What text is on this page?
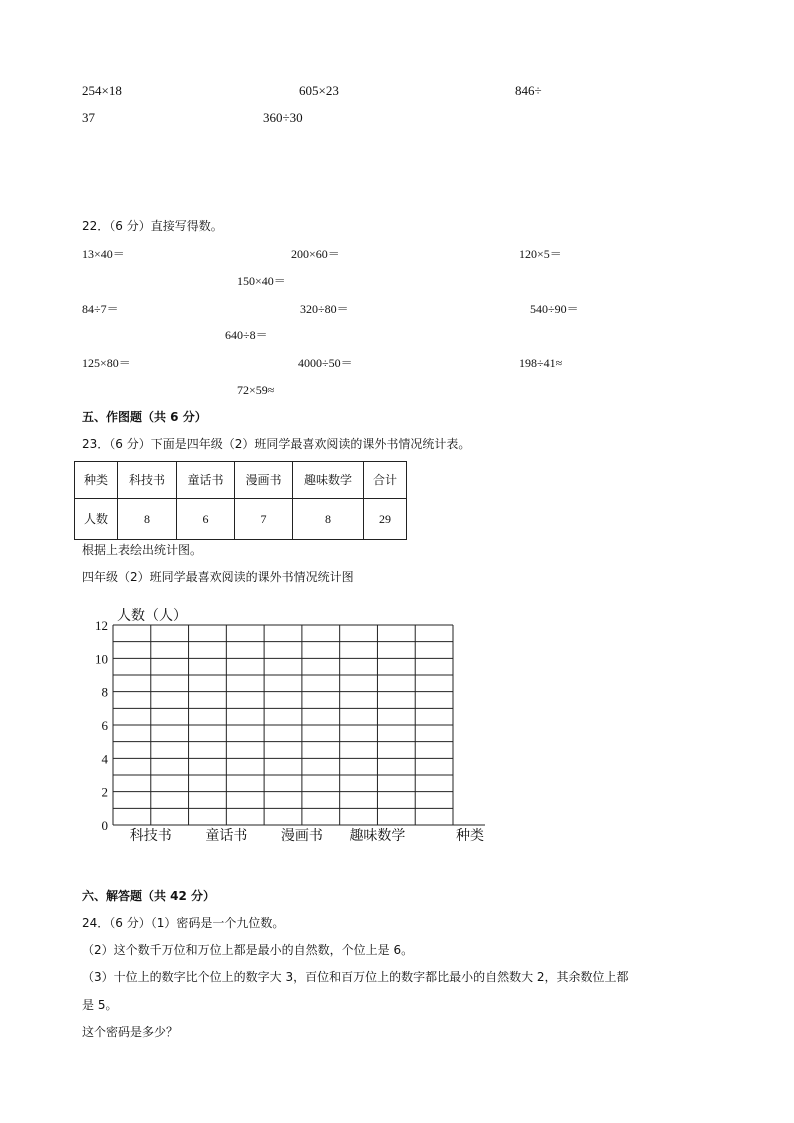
254×18	605×23	846÷
37	360÷30
22．（6 分）直接写得数。
13×40＝	200×60＝	120×5＝
150×40＝
84÷7＝	320÷80＝	540÷90＝
640÷8＝
125×80＝	4000÷50＝	198÷41≈
72×59≈
五、作图题（共 6 分）
23．（6 分）下面是四年级（2）班同学最喜欢阅读的课外书情况统计表。
种类	科技书	童话书	漫画书	趣味数学	合计
人数	8	6	7	8	29
根据上表绘出统计图。
四年级（2）班同学最喜欢阅读的课外书情况统计图
0
2
4
6
8
10
12
科技书 童话书 漫画书 趣味数学
人数（人）
种类
六、解答题（共 42 分）
24．（6 分）（1）密码是一个九位数。
（2）这个数千万位和万位上都是最小的自然数，个位上是 6。
（3）十位上的数字比个位上的数字大 3，百位和百万位上的数字都比最小的自然数大 2，其余数位上都
是 5。
这个密码是多少？
